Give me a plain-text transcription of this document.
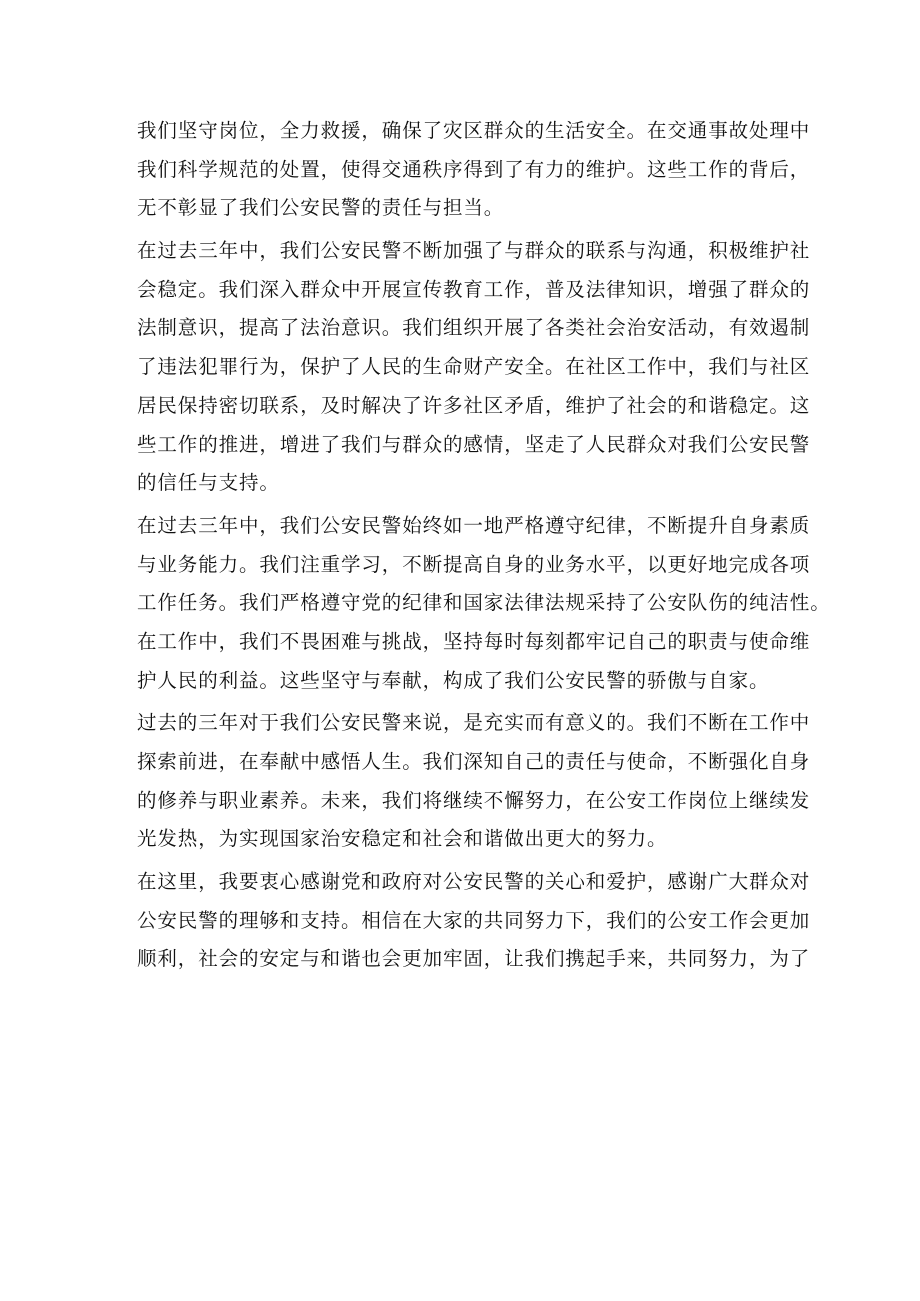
我们坚守岗位，全力救援，确保了灾区群众的生活安全。在交通事故处理中
我们科学规范的处置，使得交通秩序得到了有力的维护。这些工作的背后，
无不彰显了我们公安民警的责任与担当。
在过去三年中，我们公安民警不断加强了与群众的联系与沟通，积极维护社
会稳定。我们深入群众中开展宣传教育工作，普及法律知识，增强了群众的
法制意识，提高了法治意识。我们组织开展了各类社会治安活动，有效遏制
了违法犯罪行为，保护了人民的生命财产安全。在社区工作中，我们与社区
居民保持密切联系，及时解决了许多社区矛盾，维护了社会的和谐稳定。这
些工作的推进，增进了我们与群众的感情，坚走了人民群众对我们公安民警
的信任与支持。
在过去三年中，我们公安民警始终如一地严格遵守纪律，不断提升自身素质
与业务能力。我们注重学习，不断提高自身的业务水平，以更好地完成各项
工作任务。我们严格遵守党的纪律和国家法律法规采持了公安队伤的纯洁性。
在工作中，我们不畏困难与挑战，坚持每时每刻都牢记自己的职责与使命维
护人民的利益。这些坚守与奉献，构成了我们公安民警的骄傲与自家。
过去的三年对于我们公安民警来说，是充实而有意义的。我们不断在工作中
探索前进，在奉献中感悟人生。我们深知自己的责任与使命，不断强化自身
的修养与职业素养。未来，我们将继续不懈努力，在公安工作岗位上继续发
光发热，为实现国家治安稳定和社会和谐做出更大的努力。
在这里，我要衷心感谢党和政府对公安民警的关心和爱护，感谢广大群众对
公安民警的理够和支持。相信在大家的共同努力下，我们的公安工作会更加
顺利，社会的安定与和谐也会更加牢固，让我们携起手来，共同努力，为了
